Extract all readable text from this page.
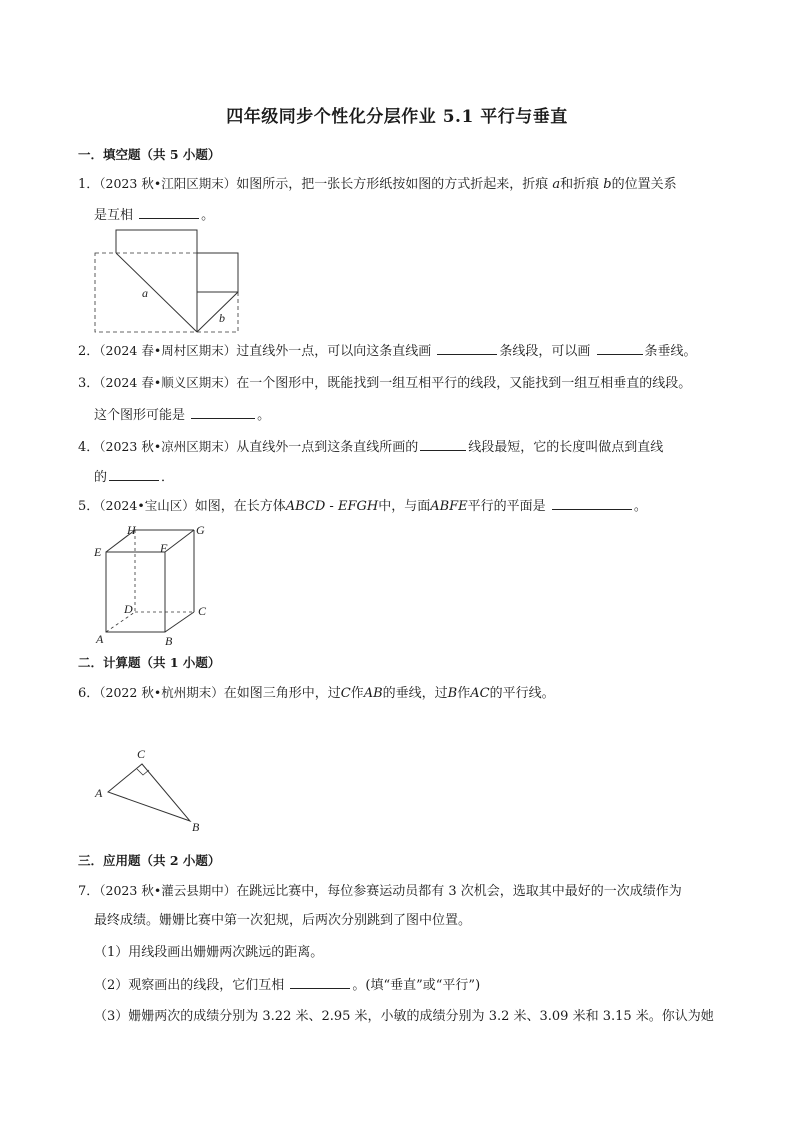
四年级同步个性化分层作业 5.1 平行与垂直
一．填空题（共 5 小题）
1．（2023 秋•江阳区期末）如图所示，把一张长方形纸按如图的方式折起来，折痕 a和折痕 b的位置关系
是互相	。
a
b
2．（2024 春•周村区期末）过直线外一点，可以向这条直线画	条线段，可以画	条垂线。
3．（2024 春•顺义区期末）在一个图形中，既能找到一组互相平行的线段，又能找到一组互相垂直的线段。
这个图形可能是	。
4．（2023 秋•凉州区期末）从直线外一点到这条直线所画的	线段最短，它的长度叫做点到直线
的	．
5．（2024•宝山区）如图，在长方体ABCD - EFGH中，与面ABFE平行的平面是	。
A	B
C
D
E	F
G
H
二．计算题（共 1 小题）
6．（2022 秋•杭州期末）在如图三角形中，过C作AB的垂线，过B作AC的平行线。
A
B
C
三．应用题（共 2 小题）
7．（2023 秋•灌云县期中）在跳远比赛中，每位参赛运动员都有 3 次机会，选取其中最好的一次成绩作为
最终成绩。姗姗比赛中第一次犯规，后两次分别跳到了图中位置。
（1）用线段画出姗姗两次跳远的距离。
（2）观察画出的线段，它们互相	。(填“垂直”或“平行”)
（3）姗姗两次的成绩分别为 3.22 米、2.95 米，小敏的成绩分别为 3.2 米、3.09 米和 3.15 米。你认为她
